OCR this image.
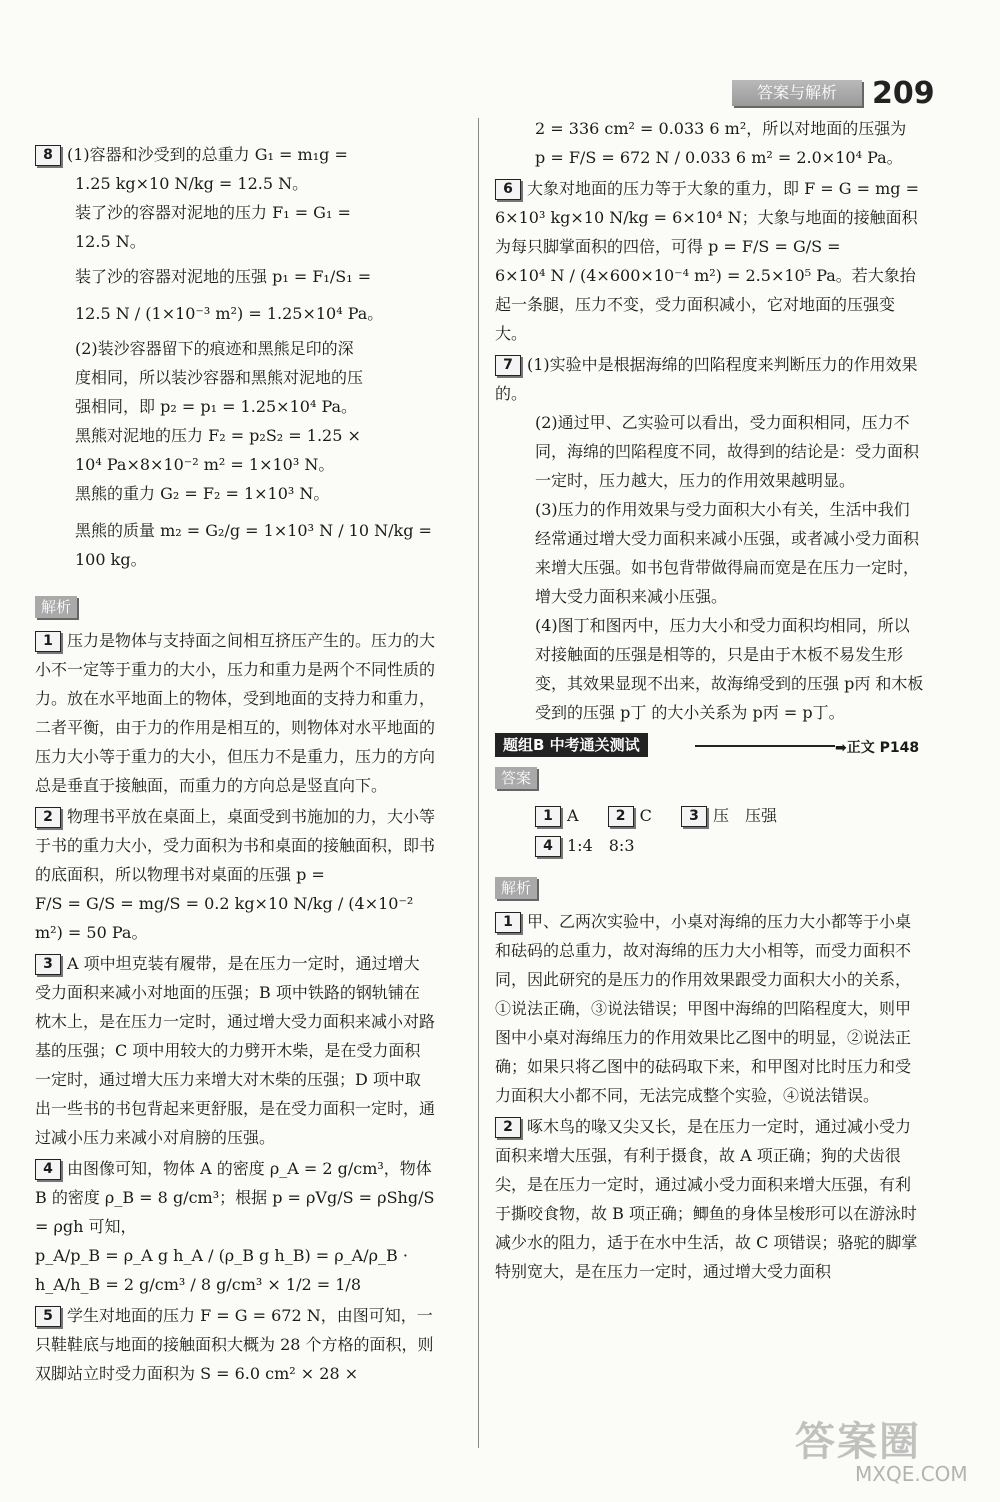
答案与解析	209
8 (1)容器和沙受到的总重力 G₁ = m₁g =
1.25 kg×10 N/kg = 12.5 N。
装了沙的容器对泥地的压力 F₁ = G₁ =
12.5 N。
装了沙的容器对泥地的压强 p₁ = F₁/S₁ =
12.5 N / (1×10⁻³ m²) = 1.25×10⁴ Pa。
(2)装沙容器留下的痕迹和黑熊足印的深
度相同，所以装沙容器和黑熊对泥地的压
强相同，即 p₂ = p₁ = 1.25×10⁴ Pa。
黑熊对泥地的压力 F₂ = p₂S₂ = 1.25 ×
10⁴ Pa×8×10⁻² m² = 1×10³ N。
黑熊的重力 G₂ = F₂ = 1×10³ N。
黑熊的质量 m₂ = G₂/g = 1×10³ N / 10 N/kg = 100 kg。
解析
1 压力是物体与支持面之间相互挤压产生的。压力的大小不一定等于重力的大小，压力和重力是两个不同性质的力。放在水平地面上的物体，受到地面的支持力和重力，二者平衡，由于力的作用是相互的，则物体对水平地面的压力大小等于重力的大小，但压力不是重力，压力的方向总是垂直于接触面，而重力的方向总是竖直向下。
2 物理书平放在桌面上，桌面受到书施加的力，大小等于书的重力大小，受力面积为书和桌面的接触面积，即书的底面积，所以物理书对桌面的压强 p =
F/S = G/S = mg/S = 0.2 kg×10 N/kg / (4×10⁻² m²) = 50 Pa。
3 A 项中坦克装有履带，是在压力一定时，通过增大受力面积来减小对地面的压强；B 项中铁路的钢轨铺在枕木上，是在压力一定时，通过增大受力面积来减小对路基的压强；C 项中用较大的力劈开木柴，是在受力面积一定时，通过增大压力来增大对木柴的压强；D 项中取出一些书的书包背起来更舒服，是在受力面积一定时，通过减小压力来减小对肩膀的压强。
4 由图像可知，物体 A 的密度 ρ_A = 2 g/cm³，物体 B 的密度 ρ_B = 8 g/cm³；根据 p = ρVg/S = ρShg/S = ρgh 可知，
p_A/p_B = ρ_A g h_A / (ρ_B g h_B) = ρ_A/ρ_B · h_A/h_B = 2 g/cm³ / 8 g/cm³ × 1/2 = 1/8
5 学生对地面的压力 F = G = 672 N，由图可知，一只鞋鞋底与地面的接触面积大概为 28 个方格的面积，则双脚站立时受力面积为 S = 6.0 cm² × 28 ×
2 = 336 cm² = 0.033 6 m²，所以对地面的压强为
p = F/S = 672 N / 0.033 6 m² = 2.0×10⁴ Pa。
6 大象对地面的压力等于大象的重力，即 F = G = mg = 6×10³ kg×10 N/kg = 6×10⁴ N；大象与地面的接触面积为每只脚掌面积的四倍，可得 p = F/S = G/S =
6×10⁴ N / (4×600×10⁻⁴ m²) = 2.5×10⁵ Pa。若大象抬起一条腿，压力不变，受力面积减小，它对地面的压强变大。
7 (1)实验中是根据海绵的凹陷程度来判断压力的作用效果的。
(2)通过甲、乙实验可以看出，受力面积相同，压力不同，海绵的凹陷程度不同，故得到的结论是：受力面积一定时，压力越大，压力的作用效果越明显。
(3)压力的作用效果与受力面积大小有关，生活中我们经常通过增大受力面积来减小压强，或者减小受力面积来增大压强。如书包背带做得扁而宽是在压力一定时，增大受力面积来减小压强。
(4)图丁和图丙中，压力大小和受力面积均相同，所以对接触面的压强是相等的，只是由于木板不易发生形变，其效果显现不出来，故海绵受到的压强 p丙 和木板受到的压强 p丁 的大小关系为 p丙 = p丁。
题组B 中考通关测试	➡正文 P148
答案
1 A	2 C	3 压　压强
4 1:4　8:3
解析
1 甲、乙两次实验中，小桌对海绵的压力大小都等于小桌和砝码的总重力，故对海绵的压力大小相等，而受力面积不同，因此研究的是压力的作用效果跟受力面积大小的关系，①说法正确，③说法错误；甲图中海绵的凹陷程度大，则甲图中小桌对海绵压力的作用效果比乙图中的明显，②说法正确；如果只将乙图中的砝码取下来，和甲图对比时压力和受力面积大小都不同，无法完成整个实验，④说法错误。
2 啄木鸟的喙又尖又长，是在压力一定时，通过减小受力面积来增大压强，有利于摄食，故 A 项正确；狗的犬齿很尖，是在压力一定时，通过减小受力面积来增大压强，有利于撕咬食物，故 B 项正确；鲫鱼的身体呈梭形可以在游泳时减少水的阻力，适于在水中生活，故 C 项错误；骆驼的脚掌特别宽大，是在压力一定时，通过增大受力面积
答案圈
MXQE.COM
